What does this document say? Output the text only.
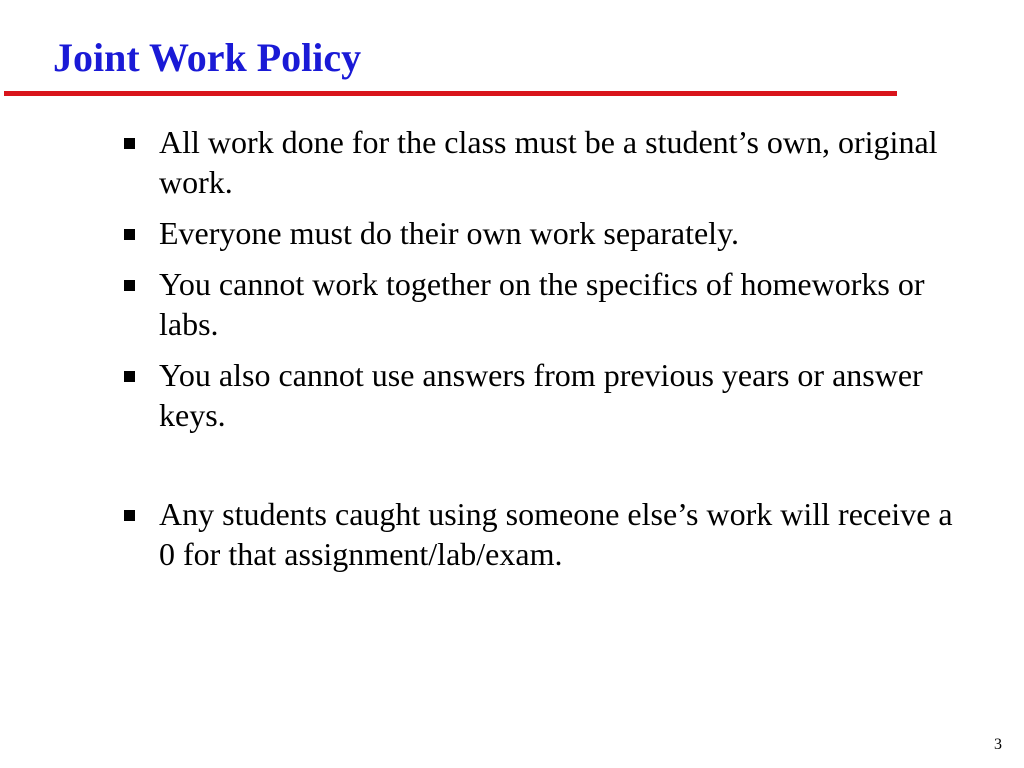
Joint Work Policy
All work done for the class must be a student’s own, original work.
Everyone must do their own work separately.
You cannot work together on the specifics of homeworks or labs.
You also cannot use answers from previous years or answer keys.
Any students caught using someone else’s work will receive a 0 for that assignment/lab/exam.
3
